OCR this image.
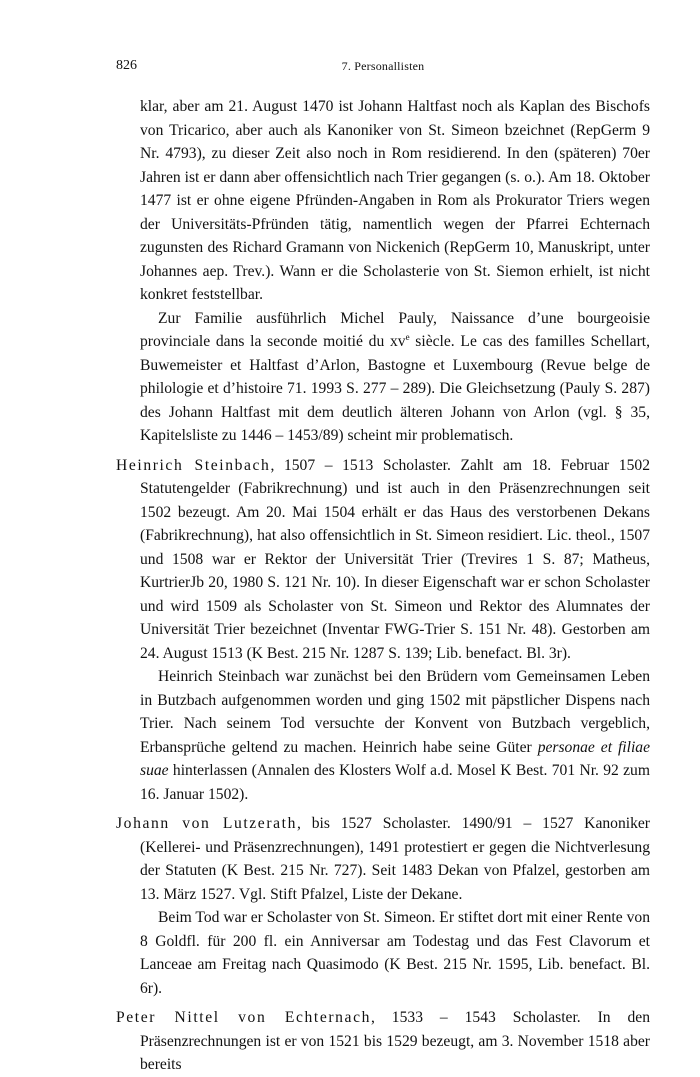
826	7. Personallisten

klar, aber am 21. August 1470 ist Johann Haltfast noch als Kaplan des Bischofs von Tricarico, aber auch als Kanoniker von St. Simeon bzeichnet (RepGerm 9 Nr. 4793), zu dieser Zeit also noch in Rom residierend. In den (späteren) 70er Jahren ist er dann aber offensichtlich nach Trier gegangen (s. o.). Am 18. Oktober 1477 ist er ohne eigene Pfründen-Angaben in Rom als Prokurator Triers wegen der Universitäts-Pfründen tätig, namentlich wegen der Pfarrei Echternach zugunsten des Richard Gramann von Nickenich (RepGerm 10, Manuskript, unter Johannes aep. Trev.). Wann er die Scholasterie von St. Siemon erhielt, ist nicht konkret feststellbar.

Zur Familie ausführlich Michel Pauly, Naissance d’une bourgeoisie provinciale dans la seconde moitié du $xv^e$ siècle. Le cas des familles Schellart, Buwemeister et Haltfast d’Arlon, Bastogne et Luxembourg (Revue belge de philologie et d’histoire 71. 1993 S. 277 – 289). Die Gleichsetzung (Pauly S. 287) des Johann Haltfast mit dem deutlich älteren Johann von Arlon (vgl. § 35, Kapitelsliste zu 1446 – 1453/89) scheint mir problematisch.

Heinrich Steinbach, 1507 – 1513 Scholaster. Zahlt am 18. Februar 1502 Statutengelder (Fabrikrechnung) und ist auch in den Präsenzrechnungen seit 1502 bezeugt. Am 20. Mai 1504 erhält er das Haus des verstorbenen Dekans (Fabrikrechnung), hat also offensichtlich in St. Simeon residiert. Lic. theol., 1507 und 1508 war er Rektor der Universität Trier (Trevires 1 S. 87; Matheus, KurtrierJb 20, 1980 S. 121 Nr. 10). In dieser Eigenschaft war er schon Scholaster und wird 1509 als Scholaster von St. Simeon und Rektor des Alumnates der Universität Trier bezeichnet (Inventar FWG-Trier S. 151 Nr. 48). Gestorben am 24. August 1513 (K Best. 215 Nr. 1287 S. 139; Lib. benefact. Bl. 3r).

Heinrich Steinbach war zunächst bei den Brüdern vom Gemeinsamen Leben in Butzbach aufgenommen worden und ging 1502 mit päpstlicher Dispens nach Trier. Nach seinem Tod versuchte der Konvent von Butzbach vergeblich, Erbansprüche geltend zu machen. Heinrich habe seine Güter personae et filiae suae hinterlassen (Annalen des Klosters Wolf a.d. Mosel K Best. 701 Nr. 92 zum 16. Januar 1502).

Johann von Lutzerath, bis 1527 Scholaster. 1490/91 – 1527 Kanoniker (Kellerei- und Präsenzrechnungen), 1491 protestiert er gegen die Nichtverlesung der Statuten (K Best. 215 Nr. 727). Seit 1483 Dekan von Pfalzel, gestorben am 13. März 1527. Vgl. Stift Pfalzel, Liste der Dekane.

Beim Tod war er Scholaster von St. Simeon. Er stiftet dort mit einer Rente von 8 Goldfl. für 200 fl. ein Anniversar am Todestag und das Fest Clavorum et Lanceae am Freitag nach Quasimodo (K Best. 215 Nr. 1595, Lib. benefact. Bl. 6r).

Peter Nittel von Echternach, 1533 – 1543 Scholaster. In den Präsenzrechnungen ist er von 1521 bis 1529 bezeugt, am 3. November 1518 aber bereits
